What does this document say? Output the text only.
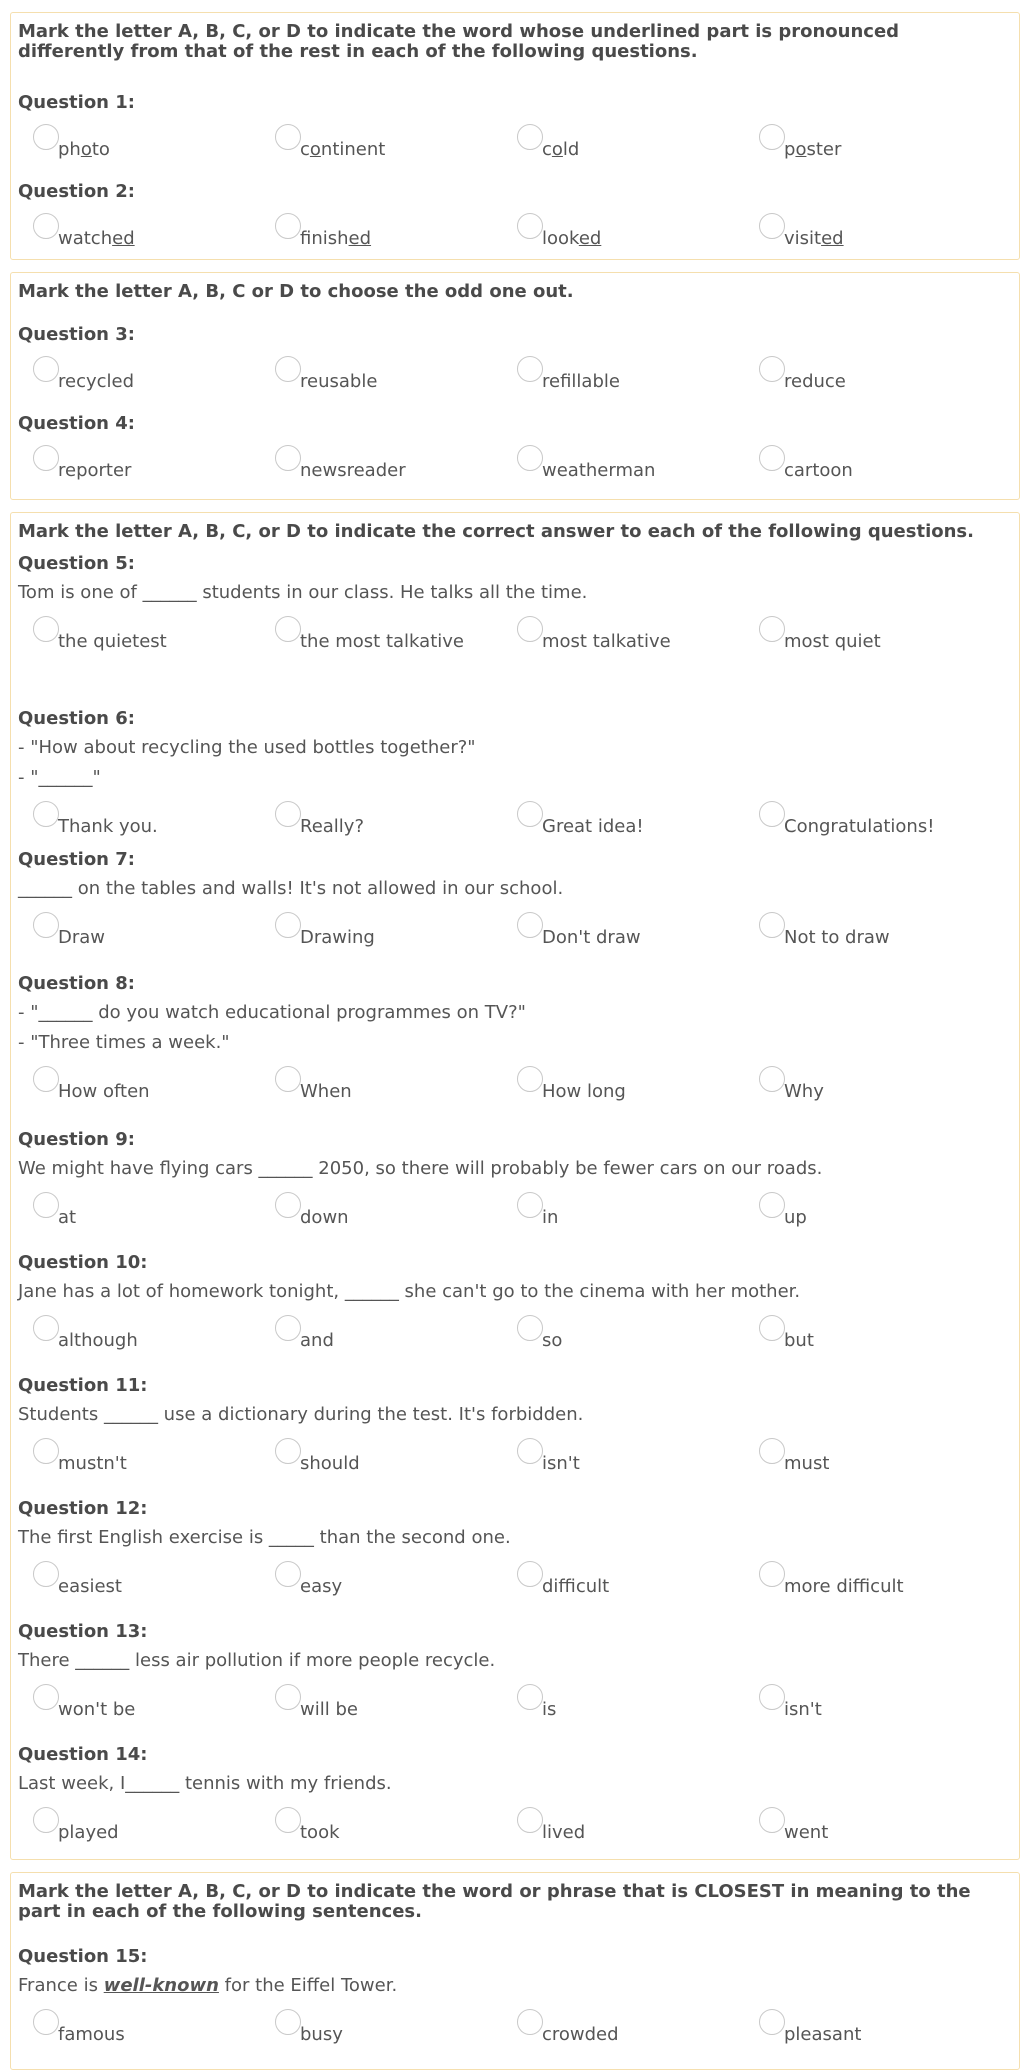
Mark the letter A, B, C, or D to indicate the word whose underlined part is pronounced differently from that of the rest in each of the following questions.
Question 1:
photo	continent	cold	poster
Question 2:
watched	finished	looked	visited
Mark the letter A, B, C or D to choose the odd one out.
Question 3:
recycled	reusable	refillable	reduce
Question 4:
reporter	newsreader	weatherman	cartoon
Mark the letter A, B, C, or D to indicate the correct answer to each of the following questions.
Question 5:
Tom is one of ______ students in our class. He talks all the time.
the quietest	the most talkative	most talkative	most quiet
Question 6:
- "How about recycling the used bottles together?"
- "______"
Thank you.	Really?	Great idea!	Congratulations!
Question 7:
______ on the tables and walls! It's not allowed in our school.
Draw	Drawing	Don't draw	Not to draw
Question 8:
- "______ do you watch educational programmes on TV?"
- "Three times a week."
How often	When	How long	Why
Question 9:
We might have flying cars ______ 2050, so there will probably be fewer cars on our roads.
at	down	in	up
Question 10:
Jane has a lot of homework tonight, ______ she can't go to the cinema with her mother.
although	and	so	but
Question 11:
Students ______ use a dictionary during the test. It's forbidden.
mustn't	should	isn't	must
Question 12:
The first English exercise is _____ than the second one.
easiest	easy	difficult	more difficult
Question 13:
There ______ less air pollution if more people recycle.
won't be	will be	is	isn't
Question 14:
Last week, I______ tennis with my friends.
played	took	lived	went
Mark the letter A, B, C, or D to indicate the word or phrase that is CLOSEST in meaning to the part in each of the following sentences.
Question 15:
France is well-known for the Eiffel Tower.
famous	busy	crowded	pleasant
